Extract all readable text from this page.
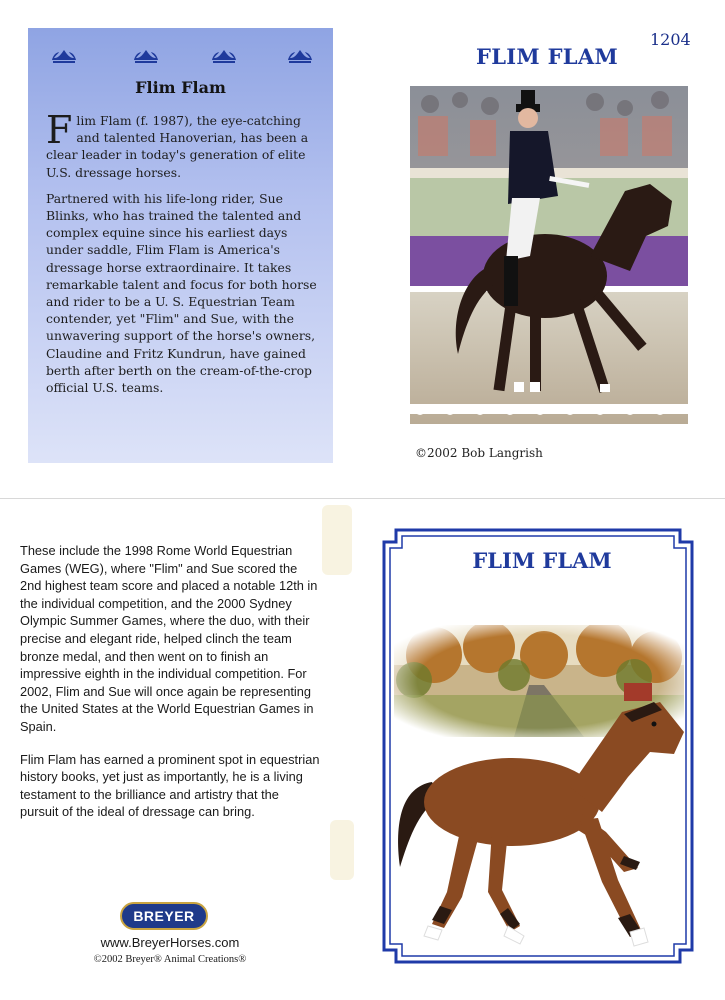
Flim Flam

Flim Flam (f. 1987), the eye-catching and talented Hanoverian, has been a clear leader in today's generation of elite U.S. dressage horses.

Partnered with his life-long rider, Sue Blinks, who has trained the talented and complex equine since his earliest days under saddle, Flim Flam is America's dressage horse extraordinaire. It takes remarkable talent and focus for both horse and rider to be a U. S. Equestrian Team contender, yet "Flim" and Sue, with the unwavering support of the horse's owners, Claudine and Fritz Kundrun, have gained berth after berth on the cream-of-the-crop official U.S. teams.

1204
FLIM FLAM
©2002 Bob Langrish

These include the 1998 Rome World Equestrian Games (WEG), where "Flim" and Sue scored the 2nd highest team score and placed a notable 12th in the individual competition, and the 2000 Sydney Olympic Summer Games, where the duo, with their precise and elegant ride, helped clinch the team bronze medal, and then went on to finish an impressive eighth in the individual competition. For 2002, Flim and Sue will once again be representing the United States at the World Equestrian Games in Spain.

Flim Flam has earned a prominent spot in equestrian history books, yet just as importantly, he is a living testament to the brilliance and artistry that the pursuit of the ideal of dressage can bring.

BREYER
www.BreyerHorses.com
©2002 Breyer® Animal Creations®
FLIM FLAM
